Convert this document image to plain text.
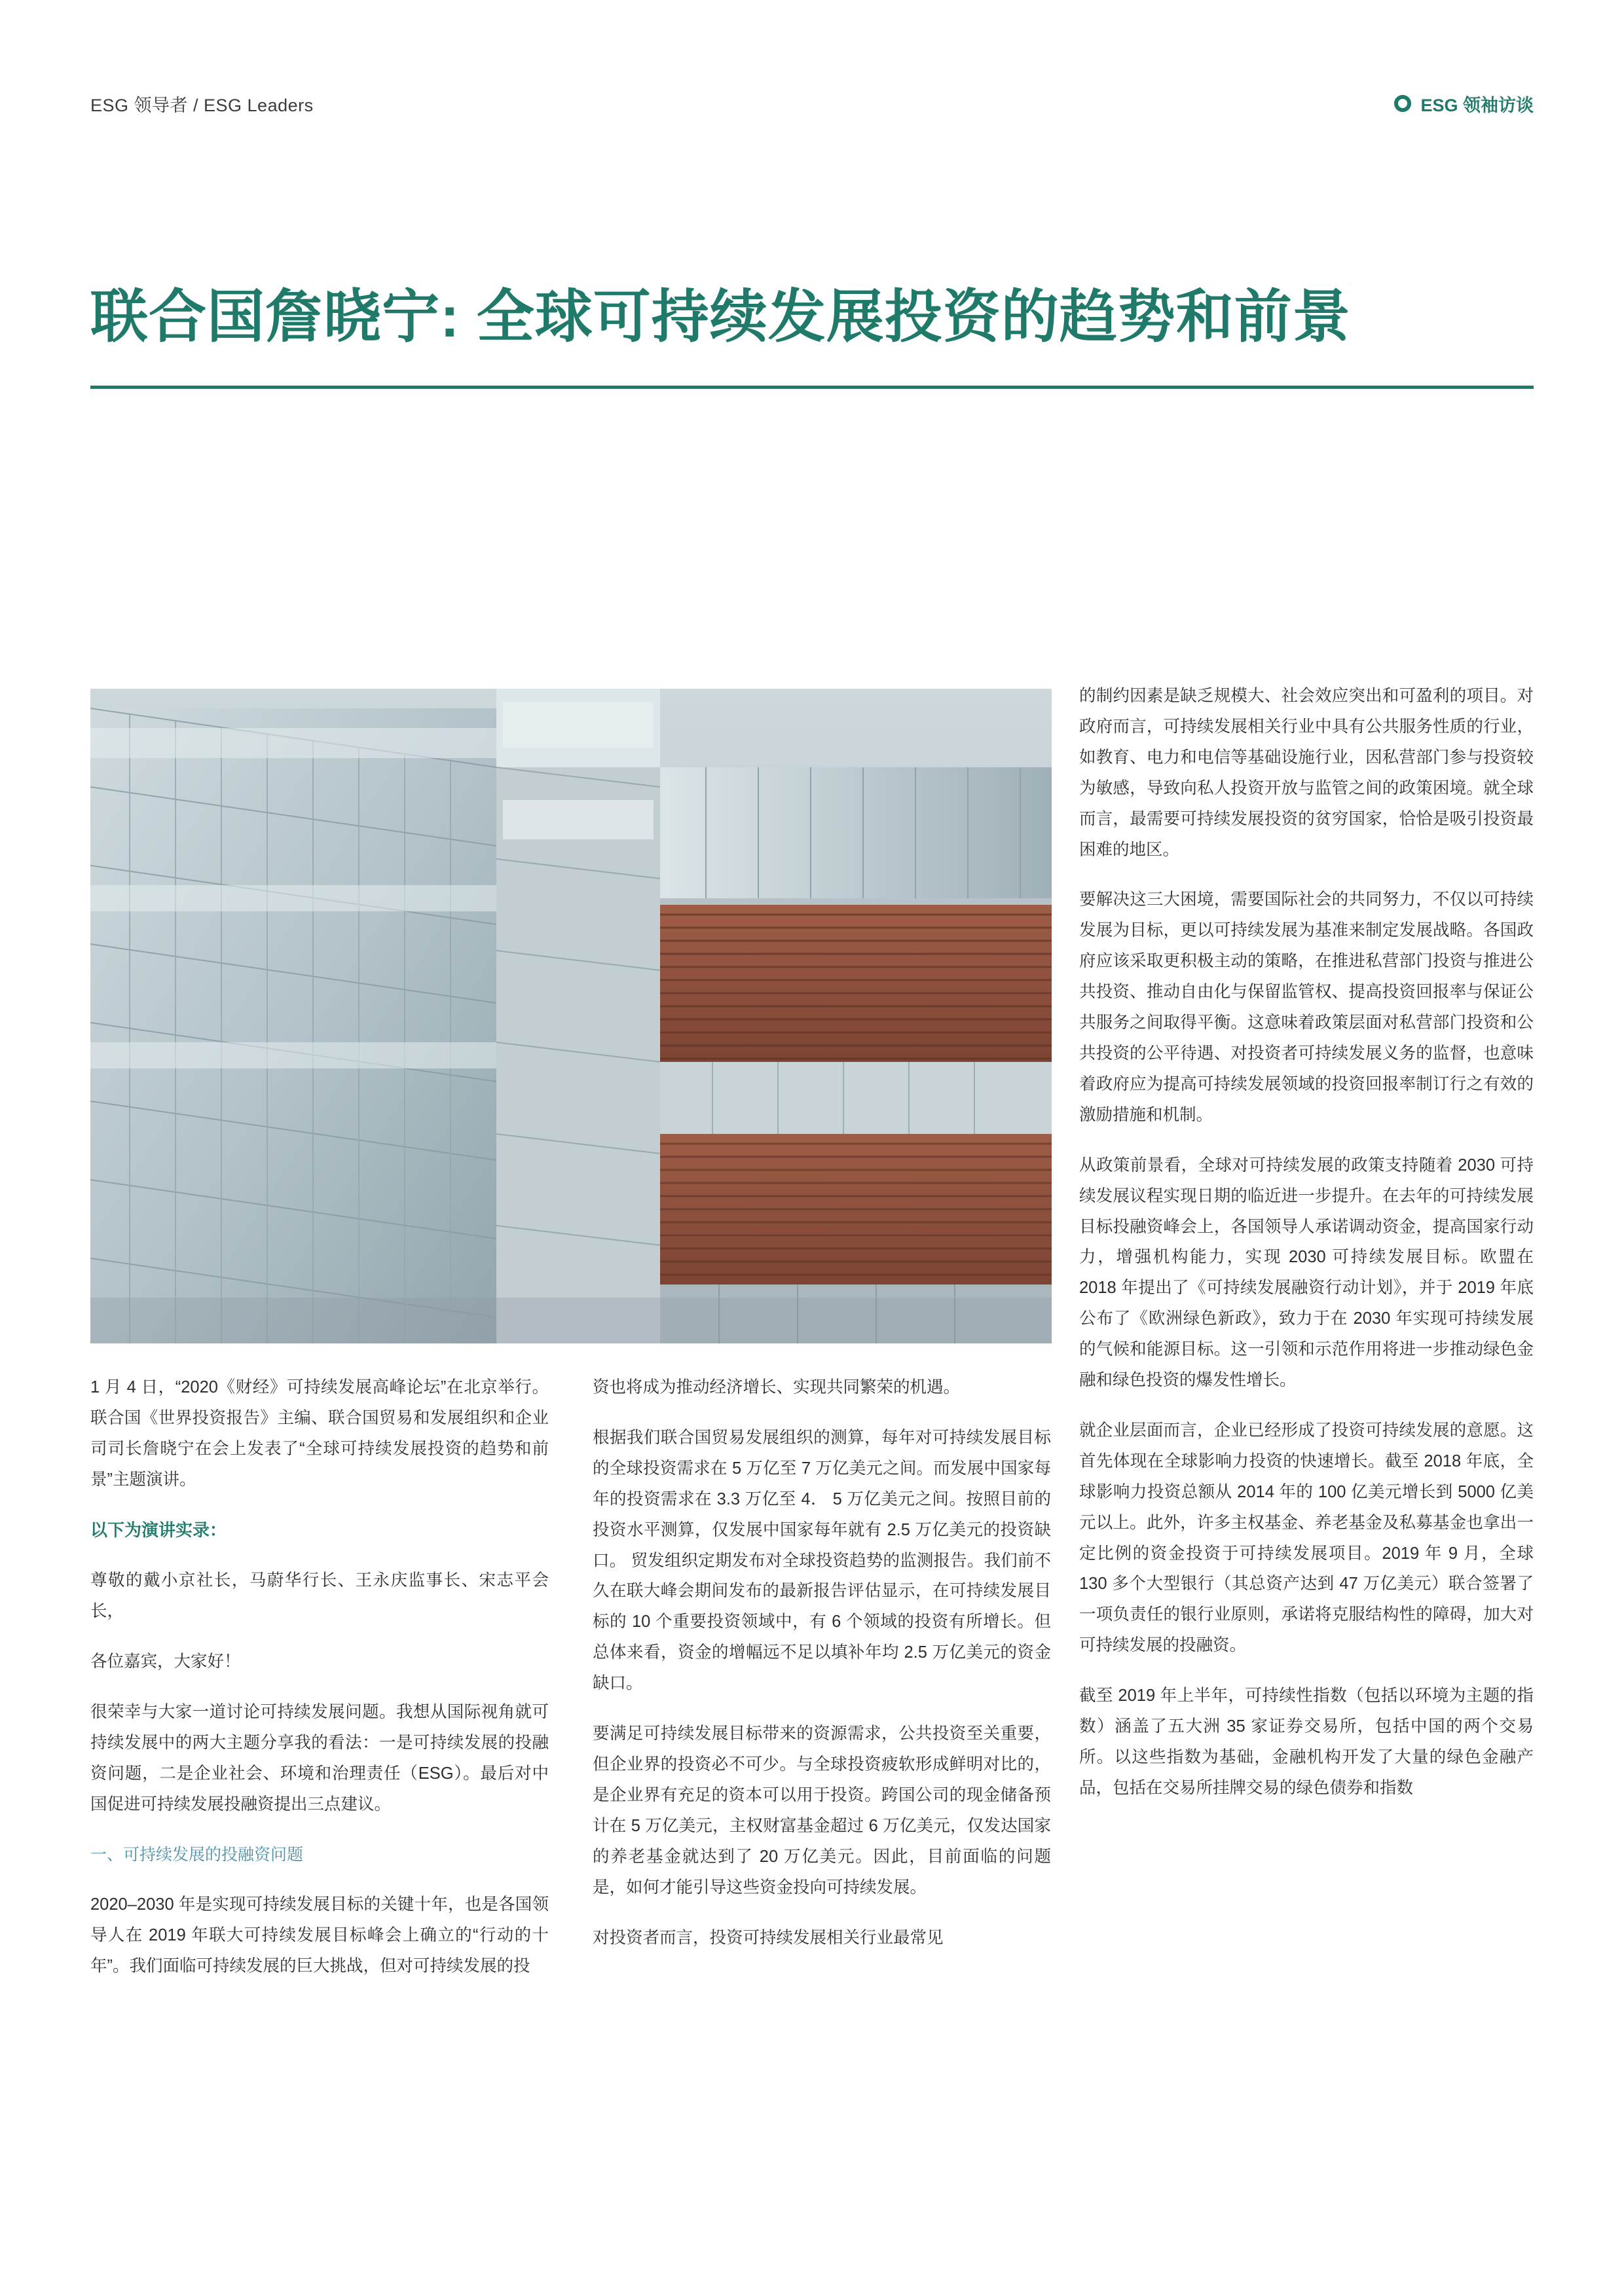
ESG 领导者 / ESG Leaders	ESG 领袖访谈
联合国詹晓宁: 全球可持续发展投资的趋势和前景

1 月 4 日，“2020《财经》可持续发展高峰论坛”在北京举行。联合国《世界投资报告》主编、联合国贸易和发展组织和企业司司长詹晓宁在会上发表了“全球可持续发展投资的趋势和前景”主题演讲。

以下为演讲实录：

尊敬的戴小京社长，马蔚华行长、王永庆监事长、宋志平会长，

各位嘉宾，大家好！

很荣幸与大家一道讨论可持续发展问题。我想从国际视角就可持续发展中的两大主题分享我的看法：一是可持续发展的投融资问题，二是企业社会、环境和治理责任（ESG）。最后对中国促进可持续发展投融资提出三点建议。

一、可持续发展的投融资问题

2020–2030 年是实现可持续发展目标的关键十年，也是各国领导人在 2019 年联大可持续发展目标峰会上确立的“行动的十年”。我们面临可持续发展的巨大挑战，但对可持续发展的投

资也将成为推动经济增长、实现共同繁荣的机遇。

根据我们联合国贸易发展组织的测算，每年对可持续发展目标的全球投资需求在 5 万亿至 7 万亿美元之间。而发展中国家每年的投资需求在 3.3 万亿至 4． 5 万亿美元之间。按照目前的投资水平测算，仅发展中国家每年就有 2.5 万亿美元的投资缺口。 贸发组织定期发布对全球投资趋势的监测报告。我们前不久在联大峰会期间发布的最新报告评估显示，在可持续发展目标的 10 个重要投资领域中，有 6 个领域的投资有所增长。但总体来看，资金的增幅远不足以填补年均 2.5 万亿美元的资金缺口。

要满足可持续发展目标带来的资源需求，公共投资至关重要，但企业界的投资必不可少。与全球投资疲软形成鲜明对比的，是企业界有充足的资本可以用于投资。跨国公司的现金储备预计在 5 万亿美元，主权财富基金超过 6 万亿美元，仅发达国家的养老基金就达到了 20 万亿美元。因此，目前面临的问题是，如何才能引导这些资金投向可持续发展。

对投资者而言，投资可持续发展相关行业最常见

的制约因素是缺乏规模大、社会效应突出和可盈利的项目。对政府而言，可持续发展相关行业中具有公共服务性质的行业，如教育、电力和电信等基础设施行业，因私营部门参与投资较为敏感，导致向私人投资开放与监管之间的政策困境。就全球而言，最需要可持续发展投资的贫穷国家，恰恰是吸引投资最困难的地区。

要解决这三大困境，需要国际社会的共同努力，不仅以可持续发展为目标，更以可持续发展为基准来制定发展战略。各国政府应该采取更积极主动的策略，在推进私营部门投资与推进公共投资、推动自由化与保留监管权、提高投资回报率与保证公共服务之间取得平衡。这意味着政策层面对私营部门投资和公共投资的公平待遇、对投资者可持续发展义务的监督，也意味着政府应为提高可持续发展领域的投资回报率制订行之有效的激励措施和机制。

从政策前景看，全球对可持续发展的政策支持随着 2030 可持续发展议程实现日期的临近进一步提升。在去年的可持续发展目标投融资峰会上，各国领导人承诺调动资金，提高国家行动力，增强机构能力，实现 2030 可持续发展目标。欧盟在 2018 年提出了《可持续发展融资行动计划》，并于 2019 年底公布了《欧洲绿色新政》，致力于在 2030 年实现可持续发展的气候和能源目标。这一引领和示范作用将进一步推动绿色金融和绿色投资的爆发性增长。

就企业层面而言，企业已经形成了投资可持续发展的意愿。这首先体现在全球影响力投资的快速增长。截至 2018 年底，全球影响力投资总额从 2014 年的 100 亿美元增长到 5000 亿美元以上。此外，许多主权基金、养老基金及私募基金也拿出一定比例的资金投资于可持续发展项目。2019 年 9 月，全球 130 多个大型银行（其总资产达到 47 万亿美元）联合签署了一项负责任的银行业原则，承诺将克服结构性的障碍，加大对可持续发展的投融资。

截至 2019 年上半年，可持续性指数（包括以环境为主题的指数）涵盖了五大洲 35 家证券交易所，包括中国的两个交易所。以这些指数为基础，金融机构开发了大量的绿色金融产品，包括在交易所挂牌交易的绿色债券和指数
